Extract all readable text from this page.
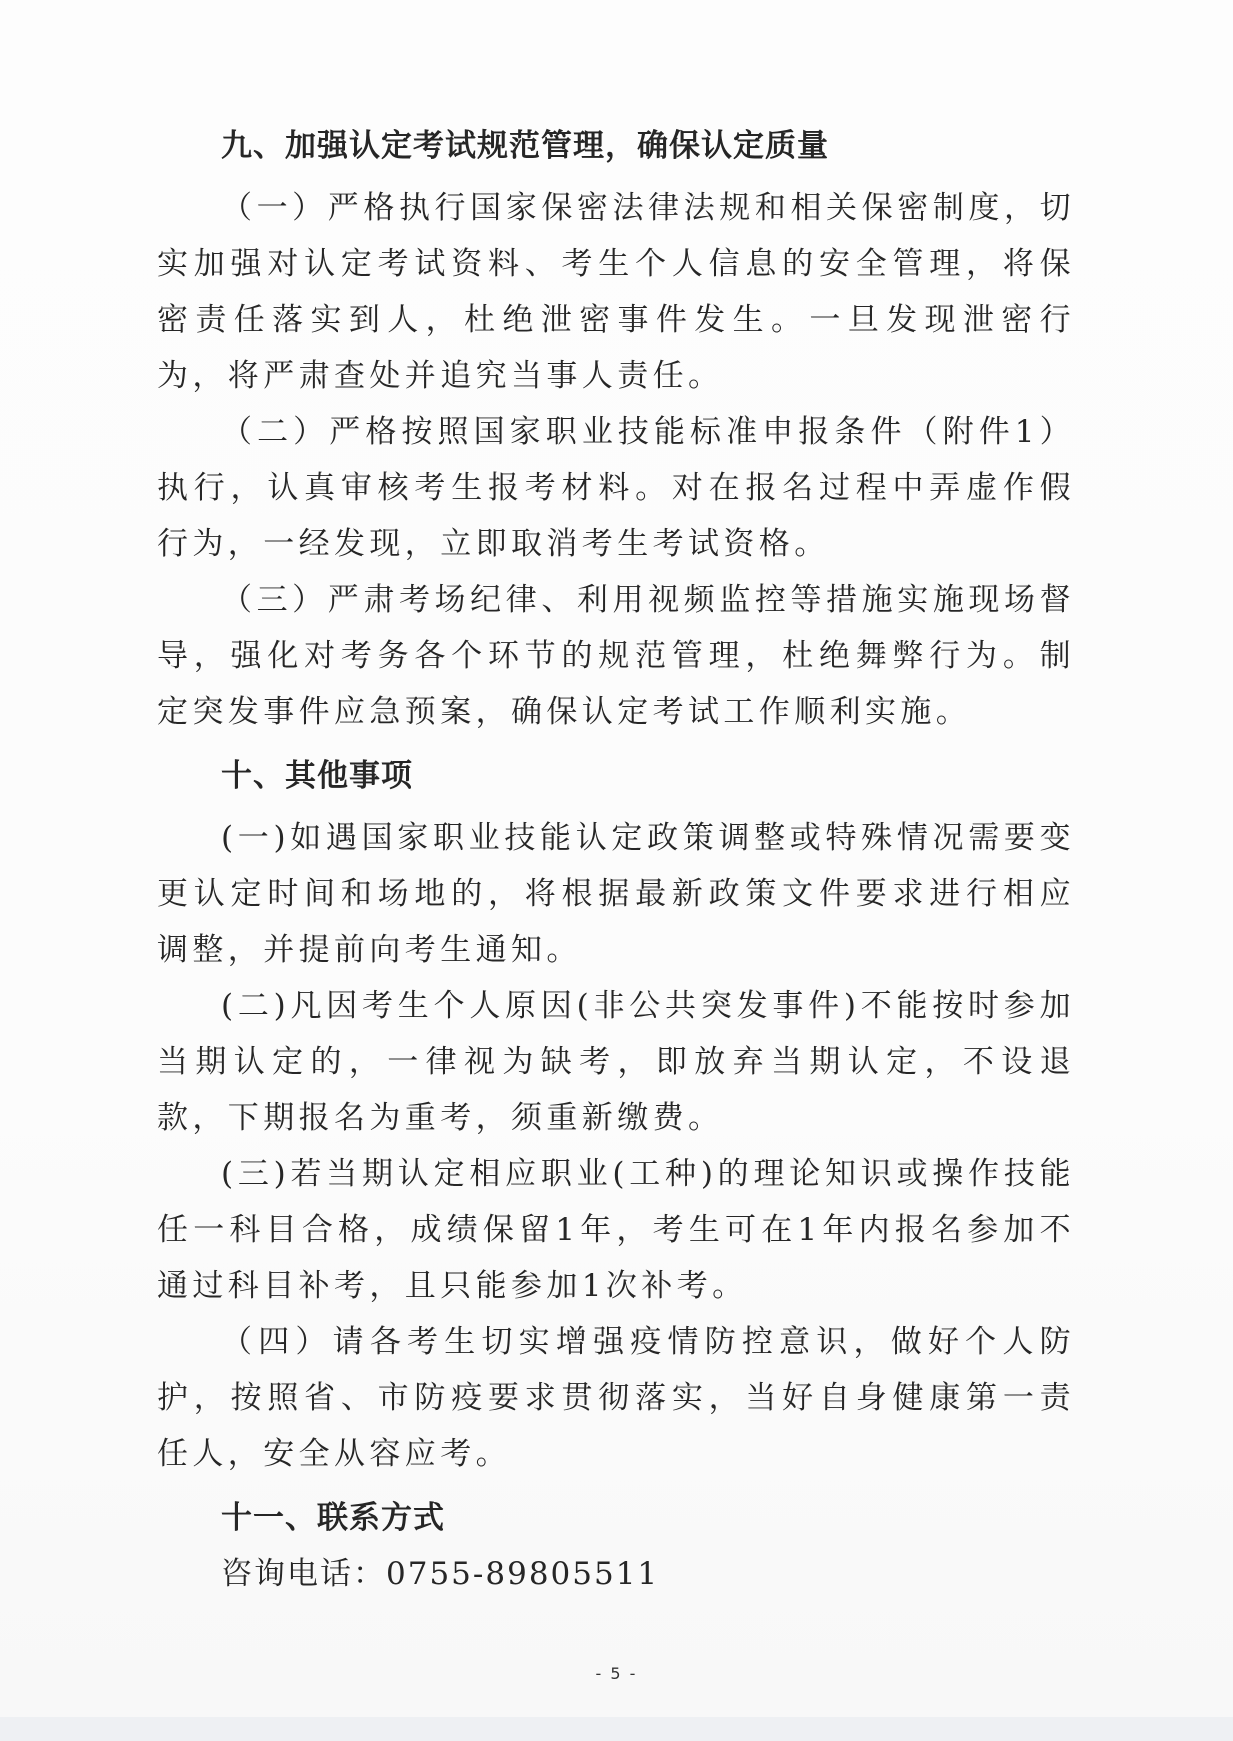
九、加强认定考试规范管理，确保认定质量

（一）严格执行国家保密法律法规和相关保密制度，切实加强对认定考试资料、考生个人信息的安全管理，将保密责任落实到人，杜绝泄密事件发生。一旦发现泄密行为，将严肃查处并追究当事人责任。

（二）严格按照国家职业技能标准申报条件（附件1）执行，认真审核考生报考材料。对在报名过程中弄虚作假行为，一经发现，立即取消考生考试资格。

（三）严肃考场纪律、利用视频监控等措施实施现场督导，强化对考务各个环节的规范管理，杜绝舞弊行为。制定突发事件应急预案，确保认定考试工作顺利实施。

十、其他事项

(一)如遇国家职业技能认定政策调整或特殊情况需要变更认定时间和场地的，将根据最新政策文件要求进行相应调整，并提前向考生通知。

(二)凡因考生个人原因(非公共突发事件)不能按时参加当期认定的，一律视为缺考，即放弃当期认定，不设退款，下期报名为重考，须重新缴费。

(三)若当期认定相应职业(工种)的理论知识或操作技能任一科目合格，成绩保留1年，考生可在1年内报名参加不通过科目补考，且只能参加1次补考。

（四）请各考生切实增强疫情防控意识，做好个人防护，按照省、市防疫要求贯彻落实，当好自身健康第一责任人，安全从容应考。

十一、联系方式

咨询电话：0755-89805511

- 5 -
